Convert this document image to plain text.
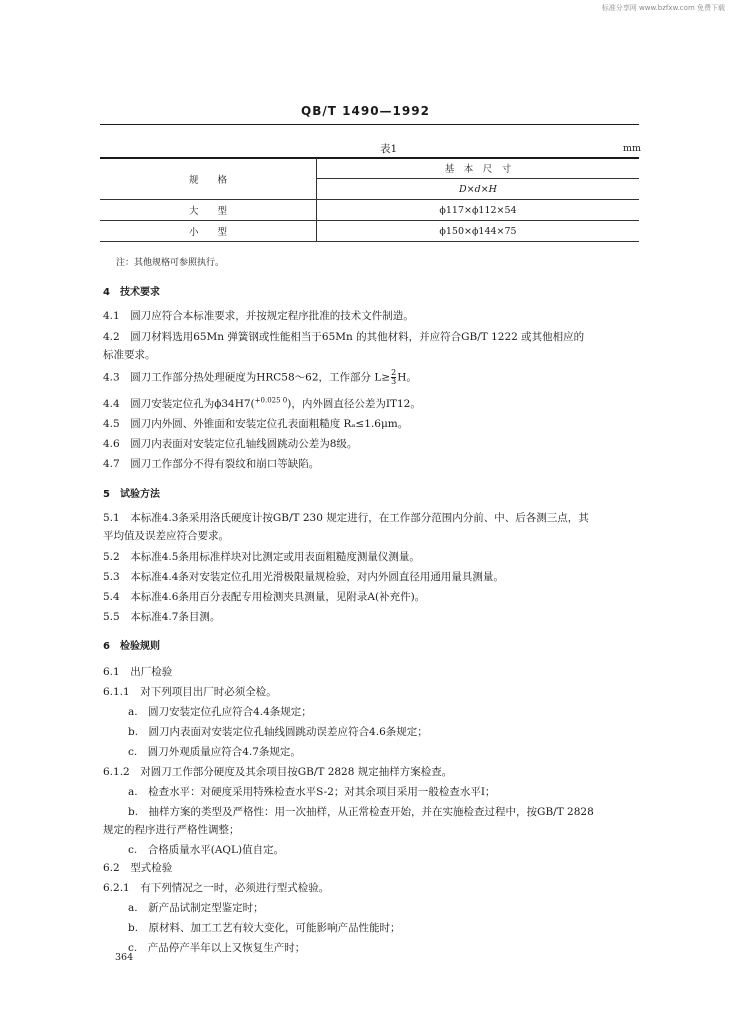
标准分享网 www.bzfxw.com 免费下载
QB/T 1490—1992
表1	mm
规　　格	基　本　尺　寸
	D×d×H
大　　型	ϕ117×ϕ112×54
小　　型	ϕ150×ϕ144×75
注：其他规格可参照执行。
4　技术要求
4.1　圆刀应符合本标准要求，并按规定程序批准的技术文件制造。
4.2　圆刀材料选用65Mn 弹簧钢或性能相当于65Mn 的其他材料，并应符合GB/T 1222 或其他相应的
标准要求。
4.3　圆刀工作部分热处理硬度为HRC58～62，工作部分 $L\ge \frac{2}{3}$ H。
4.4　圆刀安装定位孔为ϕ34H7($^{+0.025 0}$)，内外圆直径公差为IT12。
4.5　圆刀内外圆、外锥面和安装定位孔表面粗糙度 Rₐ≤1.6μm。
4.6　圆刀内表面对安装定位孔轴线圆跳动公差为8级。
4.7　圆刀工作部分不得有裂纹和崩口等缺陷。
5　试验方法
5.1　本标准4.3条采用洛氏硬度计按GB/T 230 规定进行，在工作部分范围内分前、中、后各测三点，其
平均值及误差应符合要求。
5.2　本标准4.5条用标准样块对比测定或用表面粗糙度测量仪测量。
5.3　本标准4.4条对安装定位孔用光滑极限量规检验，对内外圆直径用通用量具测量。
5.4　本标准4.6条用百分表配专用检测夹具测量，见附录A(补充件)。
5.5　本标准4.7条目测。
6　检验规则
6.1　出厂检验
6.1.1　对下列项目出厂时必须全检。
a.　圆刀安装定位孔应符合4.4条规定；
b.　圆刀内表面对安装定位孔轴线圆跳动误差应符合4.6条规定；
c.　圆刀外观质量应符合4.7条规定。
6.1.2　对圆刀工作部分硬度及其余项目按GB/T 2828 规定抽样方案检查。
a.　检查水平：对硬度采用特殊检查水平S-2；对其余项目采用一般检查水平Ⅰ；
b.　抽样方案的类型及严格性：用一次抽样，从正常检查开始，并在实施检查过程中，按GB/T 2828
规定的程序进行严格性调整；
c.　合格质量水平(AQL)值自定。
6.2　型式检验
6.2.1　有下列情况之一时，必须进行型式检验。
a.　新产品试制定型鉴定时；
b.　原材料、加工工艺有较大变化，可能影响产品性能时；
c.　产品停产半年以上又恢复生产时；
364
